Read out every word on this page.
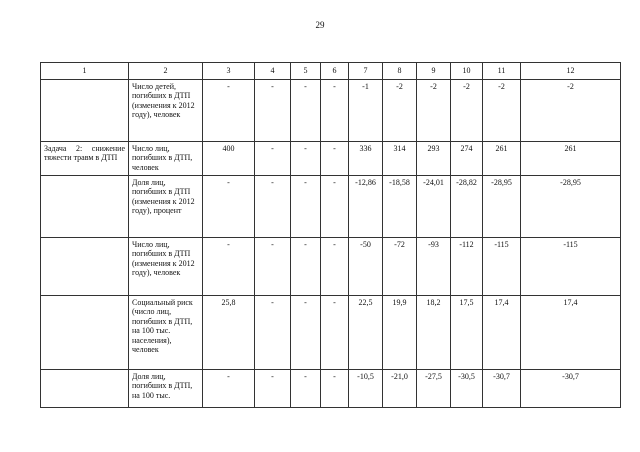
29
1	2	3	4	5	6	7	8	9	10	11	12
	Число детей, погибших в ДТП (изменения к 2012 году), человек	-	-	-	-	-1	-2	-2	-2	-2	-2
Задача 2: снижение тяжести травм в ДТП	Число лиц, погибших в ДТП, человек	400	-	-	-	336	314	293	274	261	261
	Доля лиц, погибших в ДТП (изменения к 2012 году), процент	-	-	-	-	-12,86	-18,58	-24,01	-28,82	-28,95	-28,95
	Число лиц, погибших в ДТП (изменения к 2012 году), человек	-	-	-	-	-50	-72	-93	-112	-115	-115
	Социальный риск (число лиц, погибших в ДТП, на 100 тыс. населения), человек	25,8	-	-	-	22,5	19,9	18,2	17,5	17,4	17,4
	Доля лиц, погибших в ДТП, на 100 тыс.	-	-	-	-	-10,5	-21,0	-27,5	-30,5	-30,7	-30,7
